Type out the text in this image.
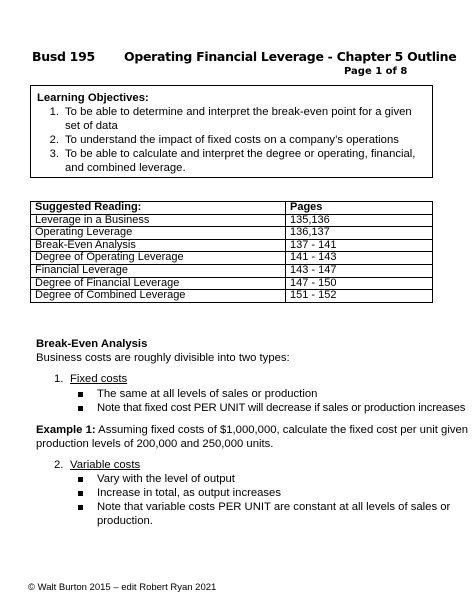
Busd 195 Operating Financial Leverage - Chapter 5 Outline
Page 1 of 8
Learning Objectives:
1. To be able to determine and interpret the break-even point for a given set of data
2. To understand the impact of fixed costs on a company’s operations
3. To be able to calculate and interpret the degree or operating, financial, and combined leverage.
Suggested Reading:	Pages
Leverage in a Business	135,136
Operating Leverage	136,137
Break-Even Analysis	137 - 141
Degree of Operating Leverage	141 - 143
Financial Leverage	143 - 147
Degree of Financial Leverage	147 - 150
Degree of Combined Leverage	151 - 152
Break-Even Analysis
Business costs are roughly divisible into two types:
1. Fixed costs
The same at all levels of sales or production
Note that fixed cost PER UNIT will decrease if sales or production increases
Example 1: Assuming fixed costs of $1,000,000, calculate the fixed cost per unit given
production levels of 200,000 and 250,000 units.
2. Variable costs
Vary with the level of output
Increase in total, as output increases
Note that variable costs PER UNIT are constant at all levels of sales or
production.
© Walt Burton 2015 – edit Robert Ryan 2021
